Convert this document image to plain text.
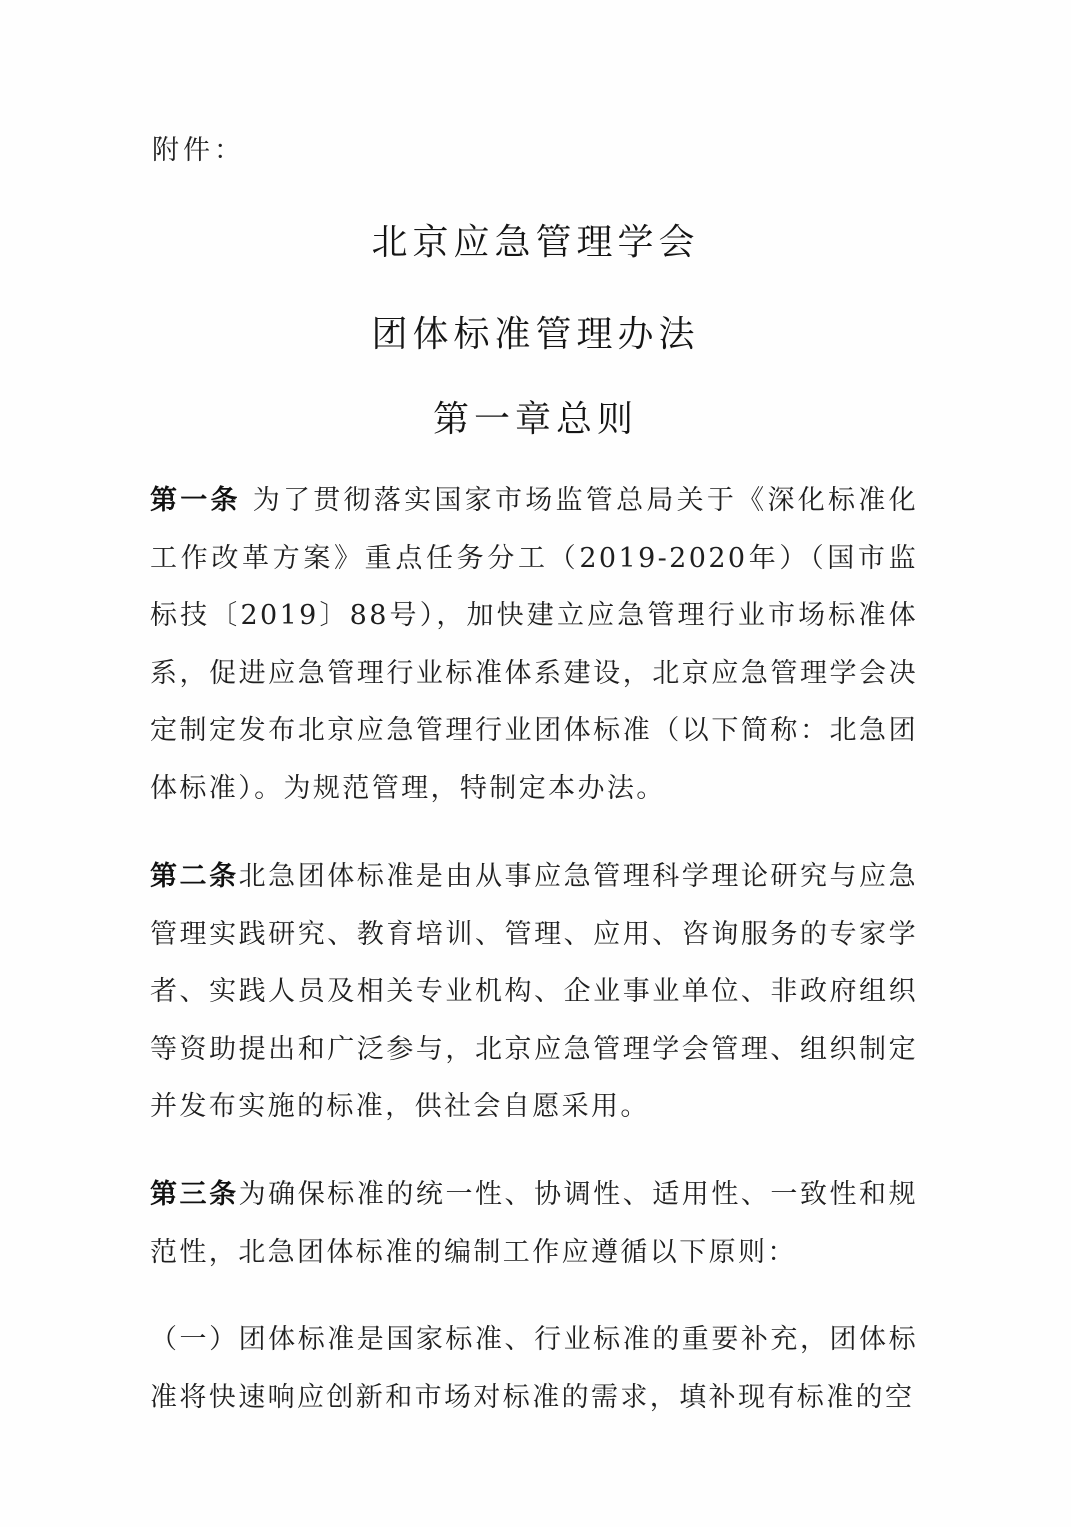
附件：
北京应急管理学会
团体标准管理办法
第一章总则
第一条 为了贯彻落实国家市场监管总局关于《深化标准化工作改革方案》重点任务分工（2019-2020年）（国市监标技〔2019〕88号），加快建立应急管理行业市场标准体系，促进应急管理行业标准体系建设，北京应急管理学会决定制定发布北京应急管理行业团体标准（以下简称：北急团体标准）。为规范管理，特制定本办法。
第二条北急团体标准是由从事应急管理科学理论研究与应急管理实践研究、教育培训、管理、应用、咨询服务的专家学者、实践人员及相关专业机构、企业事业单位、非政府组织等资助提出和广泛参与，北京应急管理学会管理、组织制定并发布实施的标准，供社会自愿采用。
第三条为确保标准的统一性、协调性、适用性、一致性和规范性，北急团体标准的编制工作应遵循以下原则：
（一）团体标准是国家标准、行业标准的重要补充，团体标准将快速响应创新和市场对标准的需求，填补现有标准的空
